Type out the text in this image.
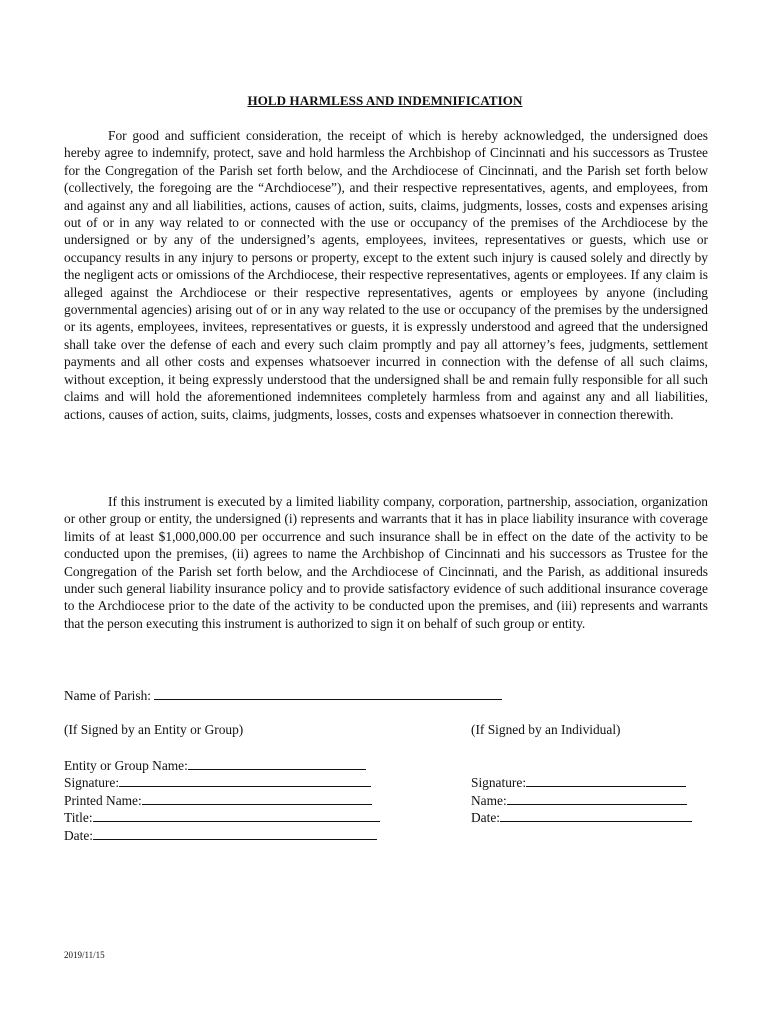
HOLD HARMLESS AND INDEMNIFICATION

For good and sufficient consideration, the receipt of which is hereby acknowledged, the undersigned does hereby agree to indemnify, protect, save and hold harmless the Archbishop of Cincinnati and his successors as Trustee for the Congregation of the Parish set forth below, and the Archdiocese of Cincinnati, and the Parish set forth below (collectively, the foregoing are the “Archdiocese”), and their respective representatives, agents, and employees, from and against any and all liabilities, actions, causes of action, suits, claims, judgments, losses, costs and expenses arising out of or in any way related to or connected with the use or occupancy of the premises of the Archdiocese by the undersigned or by any of the undersigned’s agents, employees, invitees, representatives or guests, which use or occupancy results in any injury to persons or property, except to the extent such injury is caused solely and directly by the negligent acts or omissions of the Archdiocese, their respective representatives, agents or employees. If any claim is alleged against the Archdiocese or their respective representatives, agents or employees by anyone (including governmental agencies) arising out of or in any way related to the use or occupancy of the premises by the undersigned or its agents, employees, invitees, representatives or guests, it is expressly understood and agreed that the undersigned shall take over the defense of each and every such claim promptly and pay all attorney’s fees, judgments, settlement payments and all other costs and expenses whatsoever incurred in connection with the defense of all such claims, without exception, it being expressly understood that the undersigned shall be and remain fully responsible for all such claims and will hold the aforementioned indemnitees completely harmless from and against any and all liabilities, actions, causes of action, suits, claims, judgments, losses, costs and expenses whatsoever in connection therewith.

If this instrument is executed by a limited liability company, corporation, partnership, association, organization or other group or entity, the undersigned (i) represents and warrants that it has in place liability insurance with coverage limits of at least $1,000,000.00 per occurrence and such insurance shall be in effect on the date of the activity to be conducted upon the premises, (ii) agrees to name the Archbishop of Cincinnati and his successors as Trustee for the Congregation of the Parish set forth below, and the Archdiocese of Cincinnati, and the Parish, as additional insureds under such general liability insurance policy and to provide satisfactory evidence of such additional insurance coverage to the Archdiocese prior to the date of the activity to be conducted upon the premises, and (iii) represents and warrants that the person executing this instrument is authorized to sign it on behalf of such group or entity.

Name of Parish:
(If Signed by an Entity or Group)	(If Signed by an Individual)
Entity or Group Name:
Signature:
Printed Name:
Title:
Date:
Signature:
Name:
Date:
2019/11/15
